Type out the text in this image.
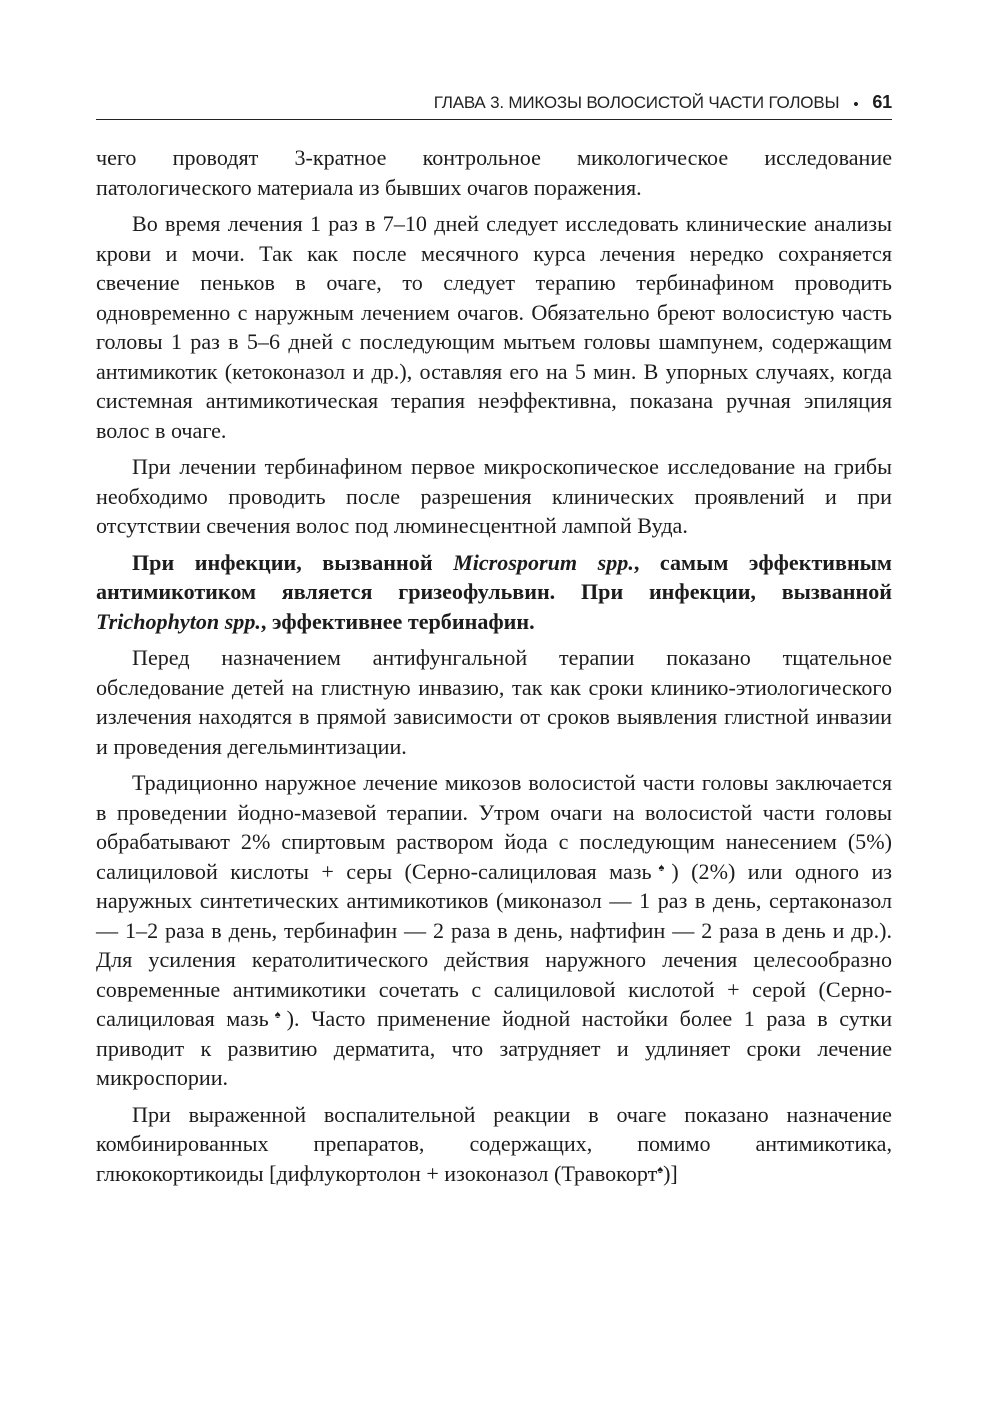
ГЛАВА 3. МИКОЗЫ ВОЛОСИСТОЙ ЧАСТИ ГОЛОВЫ • 61

чего проводят 3-кратное контрольное микологическое исследование патологического материала из бывших очагов поражения.

Во время лечения 1 раз в 7–10 дней следует исследовать клинические анализы крови и мочи. Так как после месячного курса лечения нередко сохраняется свечение пеньков в очаге, то следует терапию тербинафином проводить одновременно с наружным лечением очагов. Обязательно бреют волосистую часть головы 1 раз в 5–6 дней с последующим мытьем головы шампунем, содержащим антимикотик (кетоконазол и др.), оставляя его на 5 мин. В упорных случаях, когда системная антимикотическая терапия неэффективна, показана ручная эпиляция волос в очаге.

При лечении тербинафином первое микроскопическое исследование на грибы необходимо проводить после разрешения клинических проявлений и при отсутствии свечения волос под люминесцентной лампой Вуда.

При инфекции, вызванной Microsporum spp., самым эффективным антимикотиком является гризеофульвин. При инфекции, вызванной Trichophyton spp., эффективнее тербинафин.

Перед назначением антифунгальной терапии показано тщательное обследование детей на глистную инвазию, так как сроки клинико-этиологического излечения находятся в прямой зависимости от сроков выявления глистной инвазии и проведения дегельминтизации.

Традиционно наружное лечение микозов волосистой части головы заключается в проведении йодно-мазевой терапии. Утром очаги на волосистой части головы обрабатывают 2% спиртовым раствором йода с последующим нанесением (5%) салициловой кислоты + серы (Серно-салициловая мазь♠) (2%) или одного из наружных синтетических антимикотиков (миконазол — 1 раз в день, сертаконазол — 1–2 раза в день, тербинафин — 2 раза в день, нафтифин — 2 раза в день и др.). Для усиления кератолитического действия наружного лечения целесообразно современные антимикотики сочетать с салициловой кислотой + серой (Серно-салициловая мазь♠). Часто применение йодной настойки более 1 раза в сутки приводит к развитию дерматита, что затрудняет и удлиняет сроки лечение микроспории.

При выраженной воспалительной реакции в очаге показано назначение комбинированных препаратов, содержащих, помимо антимикотика, глюкокортикоиды [дифлукортолон + изоконазол (Травокорт♠)]
